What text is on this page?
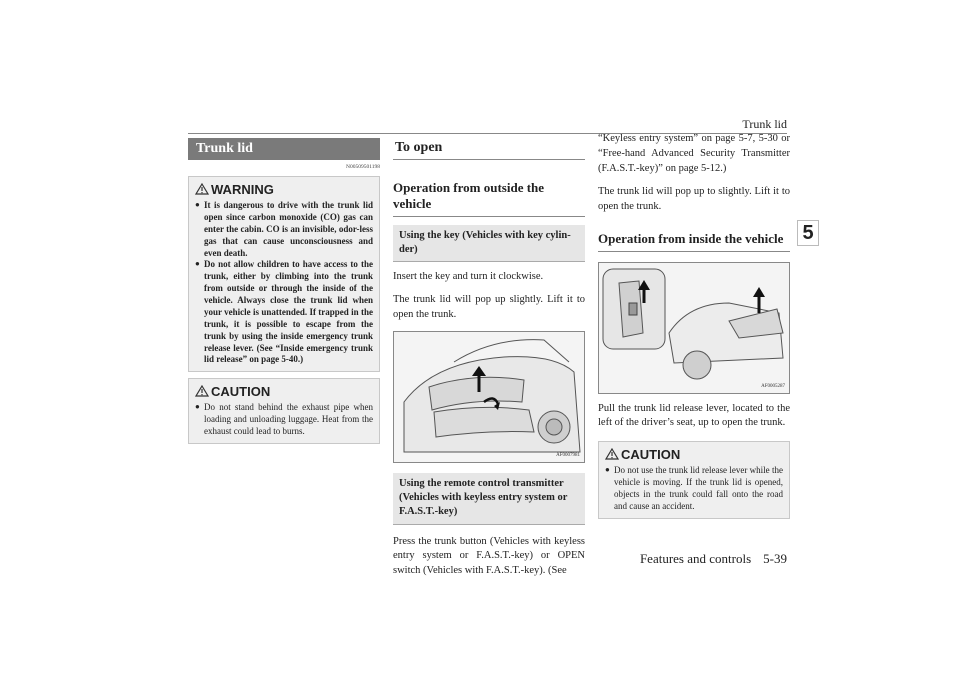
Trunk lid
5
Trunk lid
N00509501198
WARNING
● It is dangerous to drive with the trunk lid open since carbon monoxide (CO) gas can enter the cabin. CO is an invisible, odor-less gas that can cause unconsciousness and even death.
● Do not allow children to have access to the trunk, either by climbing into the trunk from outside or through the inside of the vehicle. Always close the trunk lid when your vehicle is unattended. If trapped in the trunk, it is possible to escape from the trunk by using the inside emergency trunk release lever. (See “Inside emergency trunk lid release” on page 5-40.)
CAUTION
● Do not stand behind the exhaust pipe when loading and unloading luggage. Heat from the exhaust could lead to burns.
To open
Operation from outside the vehicle
Using the key (Vehicles with key cylin-der)

Insert the key and turn it clockwise.

The trunk lid will pop up slightly. Lift it to open the trunk.

AF0007981
Using the remote control transmitter (Vehicles with keyless entry system or F.A.S.T.-key)

Press the trunk button (Vehicles with keyless entry system or F.A.S.T.-key) or OPEN switch (Vehicles with F.A.S.T.-key). (See

“Keyless entry system” on page 5-7, 5-30 or “Free-hand Advanced Security Transmitter (F.A.S.T.-key)” on page 5-12.)

The trunk lid will pop up to slightly. Lift it to open the trunk.

Operation from inside the vehicle
AF0005287

Pull the trunk lid release lever, located to the left of the driver’s seat, up to open the trunk.

CAUTION
● Do not use the trunk lid release lever while the vehicle is moving. If the trunk lid is opened, objects in the trunk could fall onto the road and cause an accident.
Features and controls 5-39
